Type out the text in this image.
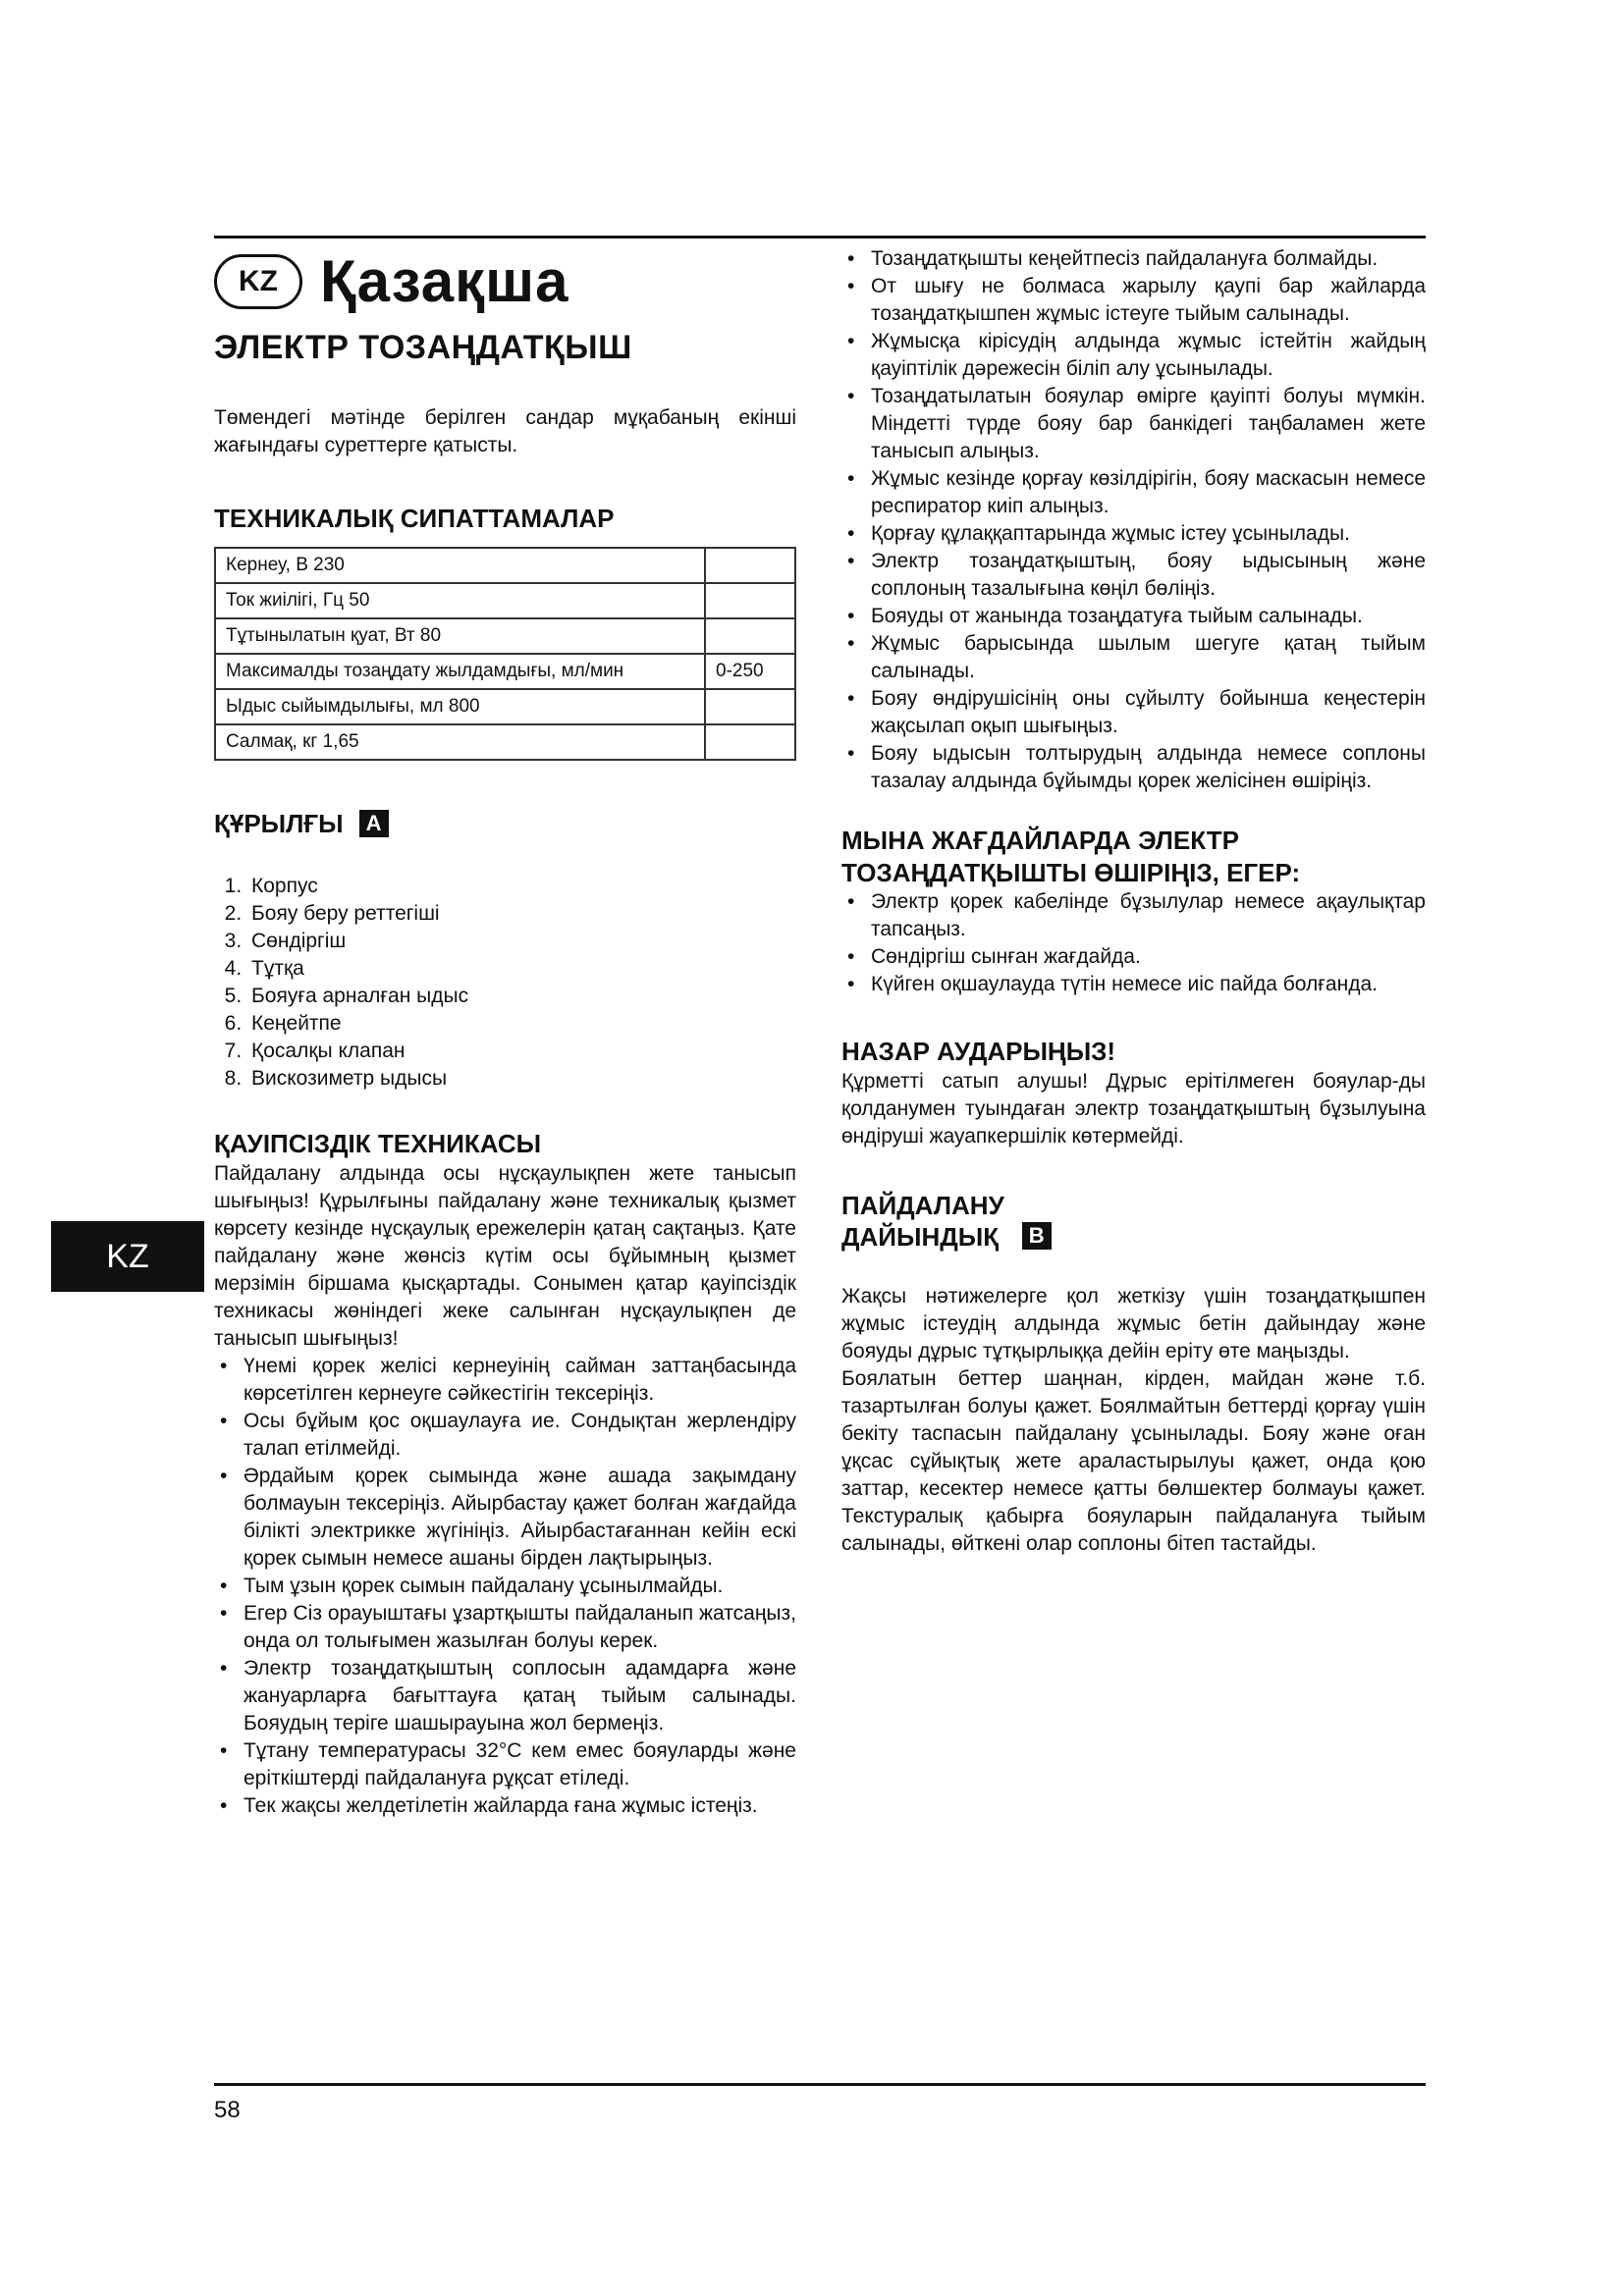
KZ
KZ Қазақша
ЭЛЕКТР ТОЗАҢДАТҚЫШ

Төмендегі мәтінде берілген сандар мұқабаның екінші жағындағы суреттерге қатысты.

ТЕХНИКАЛЫҚ СИПАТТАМАЛАР
Кернеу, В 230	
Ток жиілігі, Гц 50	
Тұтынылатын қуат, Вт 80	
Максималды тозаңдату жылдамдығы, мл/мин	0-250
Ыдыс сыйымдылығы, мл 800	
Салмақ, кг 1,65	
ҚҰРЫЛҒЫ	A
1. Корпус
2. Бояу беру реттегіші
3. Сөндіргіш
4. Тұтқа
5. Бояуға арналған ыдыс
6. Кеңейтпе
7. Қосалқы клапан
8. Вискозиметр ыдысы
ҚАУІПСІЗДІК ТЕХНИКАСЫ

Пайдалану алдында осы нұсқаулықпен жете танысып шығыңыз! Құрылғыны пайдалану және техникалық қызмет көрсету кезінде нұсқаулық ережелерін қатаң сақтаңыз. Қате пайдалану және жөнсіз күтім осы бұйымның қызмет мерзімін біршама қысқартады. Сонымен қатар қауіпсіздік техникасы жөніндегі жеке салынған нұсқаулықпен де танысып шығыңыз!

• Үнемі қорек желісі кернеуінің сайман заттаңбасында көрсетілген кернеуге сәйкестігін тексеріңіз.
• Осы бұйым қос оқшаулауға ие. Сондықтан жерлендіру талап етілмейді.
• Әрдайым қорек сымында және ашада зақымдану болмауын тексеріңіз. Айырбастау қажет болған жағдайда білікті электрикке жүгініңіз. Айырбастағаннан кейін ескі қорек сымын немесе ашаны бірден лақтырыңыз.
• Тым ұзын қорек сымын пайдалану ұсынылмайды.
• Егер Сіз орауыштағы ұзартқышты пайдаланып жатсаңыз, онда ол толығымен жазылған болуы керек.
• Электр тозаңдатқыштың соплосын адамдарға және жануарларға бағыттауға қатаң тыйым салынады. Бояудың теріге шашырауына жол бермеңіз.
• Тұтану температурасы 32°C кем емес бояуларды және еріткіштерді пайдалануға рұқсат етіледі.
• Тек жақсы желдетілетін жайларда ғана жұмыс істеңіз.
• Тозаңдатқышты кеңейтпесіз пайдалануға болмайды.
• От шығу не болмаса жарылу қаупі бар жайларда тозаңдатқышпен жұмыс істеуге тыйым салынады.
• Жұмысқа кірісудің алдында жұмыс істейтін жайдың қауіптілік дәрежесін біліп алу ұсынылады.
• Тозаңдатылатын бояулар өмірге қауіпті болуы мүмкін. Міндетті түрде бояу бар банкідегі таңбаламен жете танысып алыңыз.
• Жұмыс кезінде қорғау көзілдірігін, бояу маскасын немесе респиратор киіп алыңыз.
• Қорғау құлаққаптарында жұмыс істеу ұсынылады.
• Электр тозаңдатқыштың, бояу ыдысының және соплоның тазалығына көңіл бөліңіз.
• Бояуды от жанында тозаңдатуға тыйым салынады.
• Жұмыс барысында шылым шегуге қатаң тыйым салынады.
• Бояу өндірушісінің оны сұйылту бойынша кеңестерін жақсылап оқып шығыңыз.
• Бояу ыдысын толтырудың алдында немесе соплоны тазалау алдында бұйымды қорек желісінен өшіріңіз.
МЫНА ЖАҒДАЙЛАРДА ЭЛЕКТР ТОЗАҢДАТҚЫШТЫ ӨШІРІҢІЗ, ЕГЕР:
• Электр қорек кабелінде бұзылулар немесе ақаулықтар тапсаңыз.
• Сөндіргіш сынған жағдайда.
• Күйген оқшаулауда түтін немесе иіс пайда болғанда.
НАЗАР АУДАРЫҢЫЗ!

Құрметті сатып алушы! Дұрыс ерітілмеген бояулар-ды қолданумен туындаған электр тозаңдатқыштың бұзылуына өндіруші жауапкершілік көтермейді.

ПАЙДАЛАНУ
ДАЙЫНДЫҚ	B

Жақсы нәтижелерге қол жеткізу үшін тозаңдатқышпен жұмыс істеудің алдында жұмыс бетін дайындау және бояуды дұрыс тұтқырлыққа дейін ерiту өте маңызды.

Боялатын беттер шаңнан, кірден, майдан және т.б. тазартылған болуы қажет. Боялмайтын беттерді қорғау үшін бекіту таспасын пайдалану ұсынылады. Бояу және оған ұқсас сұйықтық жете араластырылуы қажет, онда қою заттар, кесектер немесе қатты бөлшектер болмауы қажет. Текстуралық қабырға бояуларын пайдалануға тыйым салынады, өйткені олар соплоны бітеп тастайды.

58
